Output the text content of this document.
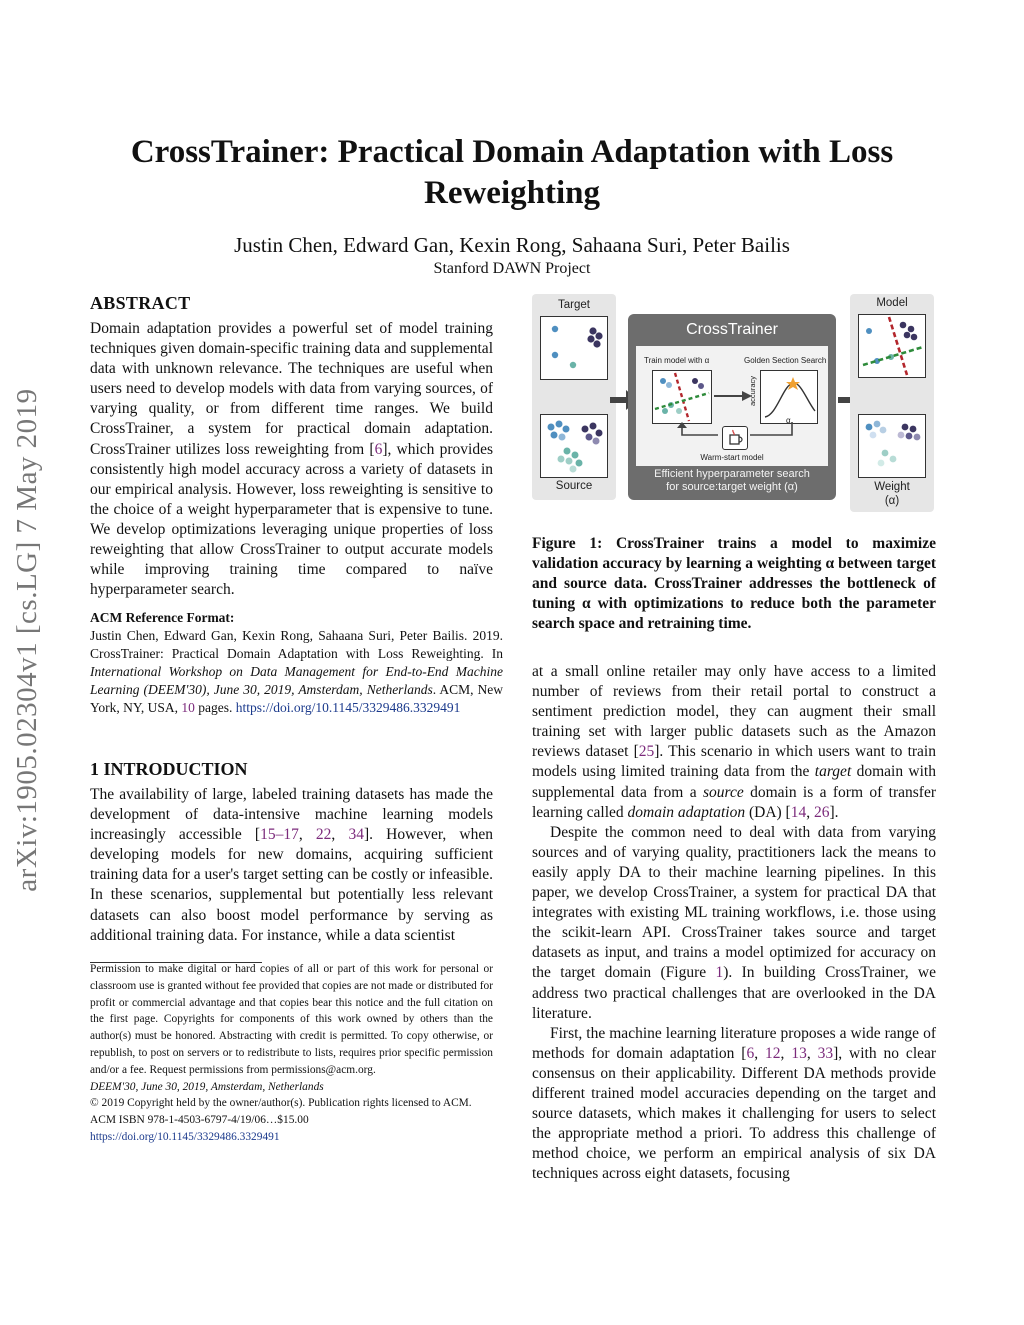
CrossTrainer: Practical Domain Adaptation with Loss Reweighting
Justin Chen, Edward Gan, Kexin Rong, Sahaana Suri, Peter Bailis
Stanford DAWN Project
arXiv:1905.02304v1 [cs.LG] 7 May 2019
ABSTRACT

Domain adaptation provides a powerful set of model training techniques given domain-specific training data and supplemental data with unknown relevance. The techniques are useful when users need to develop models with data from varying sources, of varying quality, or from different time ranges. We build CrossTrainer, a system for practical domain adaptation. CrossTrainer utilizes loss reweighting from [6], which provides consistently high model accuracy across a variety of datasets in our empirical analysis. However, loss reweighting is sensitive to the choice of a weight hyperparameter that is expensive to tune. We develop optimizations leveraging unique properties of loss reweighting that allow CrossTrainer to output accurate models while improving training time compared to naïve hyperparameter search.

ACM Reference Format:
Justin Chen, Edward Gan, Kexin Rong, Sahaana Suri, Peter Bailis. 2019. CrossTrainer: Practical Domain Adaptation with Loss Reweighting. In International Workshop on Data Management for End-to-End Machine Learning (DEEM'30), June 30, 2019, Amsterdam, Netherlands. ACM, New York, NY, USA, 10 pages. https://doi.org/10.1145/3329486.3329491
1 INTRODUCTION

The availability of large, labeled training datasets has made the development of data-intensive machine learning models increasingly accessible [15–17, 22, 34]. However, when developing models for new domains, acquiring sufficient training data for a user's target setting can be costly or infeasible. In these scenarios, supplemental but potentially less relevant datasets can also boost model performance by serving as additional training data. For instance, while a data scientist

Permission to make digital or hard copies of all or part of this work for personal or classroom use is granted without fee provided that copies are not made or distributed for profit or commercial advantage and that copies bear this notice and the full citation on the first page. Copyrights for components of this work owned by others than the author(s) must be honored. Abstracting with credit is permitted. To copy otherwise, or republish, to post on servers or to redistribute to lists, requires prior specific permission and/or a fee. Request permissions from permissions@acm.org.

DEEM'30, June 30, 2019, Amsterdam, Netherlands

© 2019 Copyright held by the owner/author(s). Publication rights licensed to ACM.

ACM ISBN 978-1-4503-6797-4/19/06…$15.00

https://doi.org/10.1145/3329486.3329491

Target
Source
CrossTrainer
Train model with α	Golden Section Search
accuracy
α
Warm-start model
Efficient hyperparameter search
for source:target weight (α)
Model
Weight
(α)
Figure 1: CrossTrainer trains a model to maximize validation accuracy by learning a weighting α between target and source data. CrossTrainer addresses the bottleneck of tuning α with optimizations to reduce both the parameter search space and retraining time.

at a small online retailer may only have access to a limited number of reviews from their retail portal to construct a sentiment prediction model, they can augment their small training set with larger public datasets such as the Amazon reviews dataset [25]. This scenario in which users want to train models using limited training data from the target domain with supplemental data from a source domain is a form of transfer learning called domain adaptation (DA) [14, 26].

Despite the common need to deal with data from varying sources and of varying quality, practitioners lack the means to easily apply DA to their machine learning pipelines. In this paper, we develop CrossTrainer, a system for practical DA that integrates with existing ML training workflows, i.e. those using the scikit-learn API. CrossTrainer takes source and target datasets as input, and trains a model optimized for accuracy on the target domain (Figure 1). In building CrossTrainer, we address two practical challenges that are overlooked in the DA literature.

First, the machine learning literature proposes a wide range of methods for domain adaptation [6, 12, 13, 33], with no clear consensus on their applicability. Different DA methods provide different trained model accuracies depending on the target and source datasets, which makes it challenging for users to select the appropriate method a priori. To address this challenge of method choice, we perform an empirical analysis of six DA techniques across eight datasets, focusing
